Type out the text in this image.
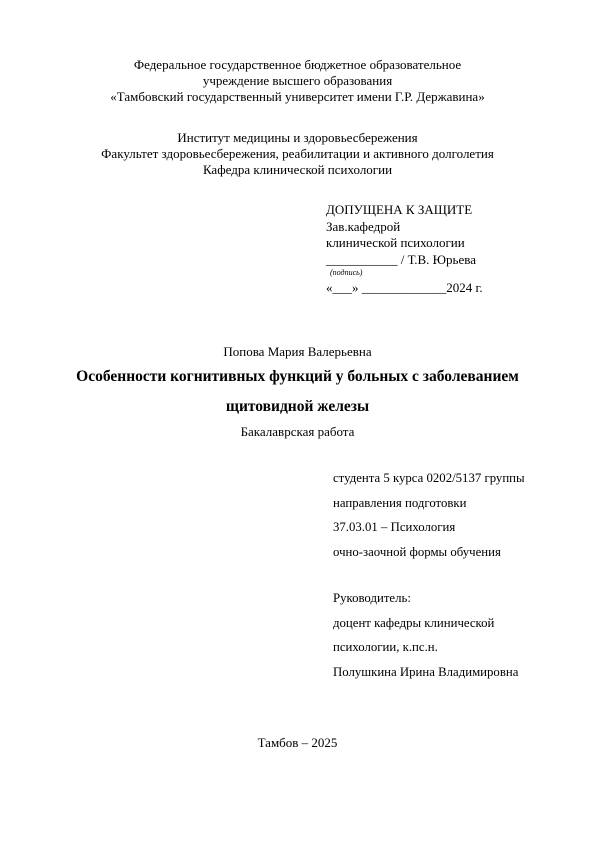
Федеральное государственное бюджетное образовательное
учреждение высшего образования
«Тамбовский государственный университет имени Г.Р. Державина»
Институт медицины и здоровьесбережения
Факультет здоровьесбережения, реабилитации и активного долголетия
Кафедра клинической психологии
ДОПУЩЕНА К ЗАЩИТЕ
Зав.кафедрой
клинической психологии
___________ / Т.В. Юрьева
(подпись)
«___» _____________2024 г.
Попова Мария Валерьевна
Особенности когнитивных функций у больных с заболеванием
щитовидной железы
Бакалаврская работа
студента 5 курса 0202/5137 группы
направления подготовки
37.03.01 – Психология
очно-заочной формы обучения
Руководитель:
доцент кафедры клинической
психологии, к.пс.н.
Полушкина Ирина Владимировна
Тамбов – 2025
